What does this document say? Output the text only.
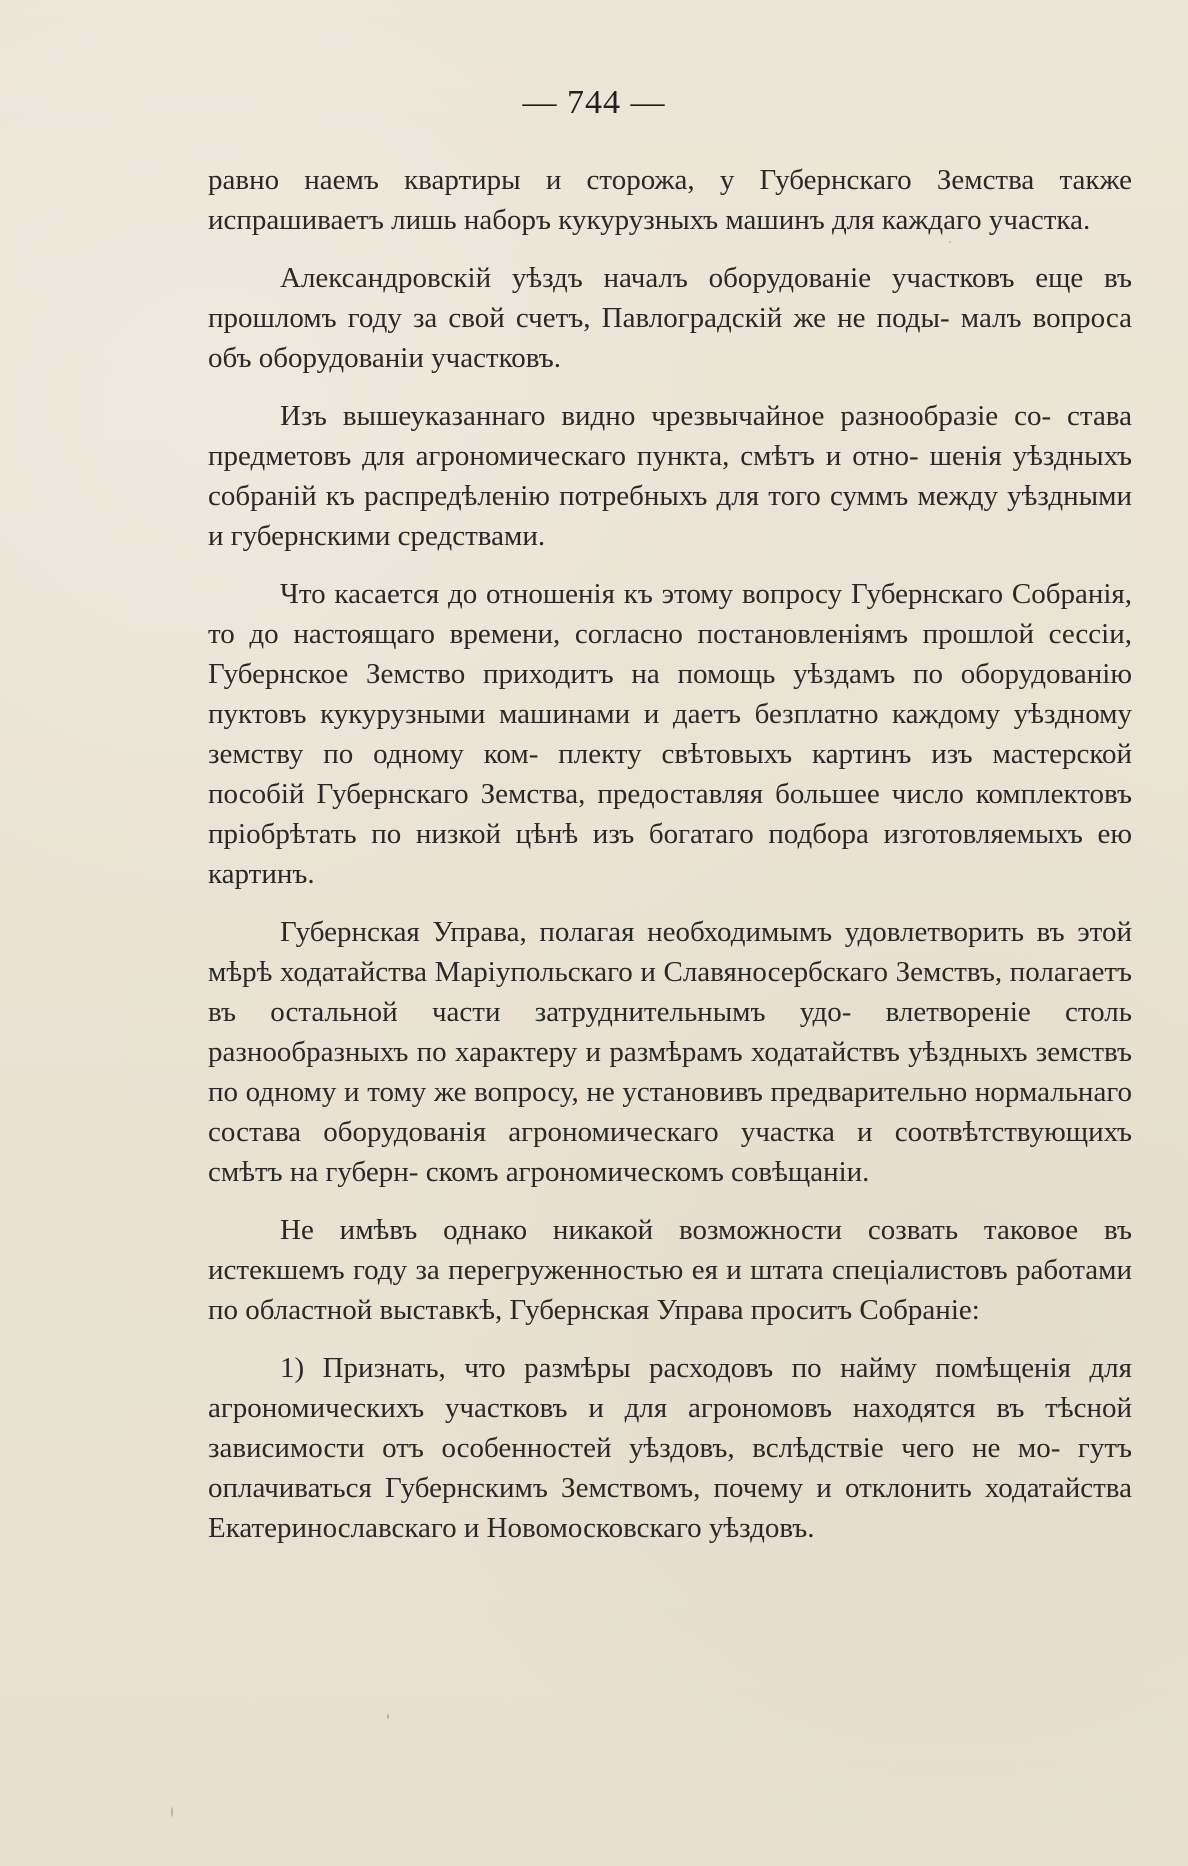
— 744 —

равно наемъ квартиры и сторожа, у Губернскаго Земства также испрашиваетъ лишь наборъ кукурузныхъ машинъ для каждаго участка.

Александровскій уѣздъ началъ оборудованіе участковъ еще въ прошломъ году за свой счетъ, Павлоградскій же не поды- малъ вопроса объ оборудованіи участковъ.

Изъ вышеуказаннаго видно чрезвычайное разнообразіе со- става предметовъ для агрономическаго пункта, смѣтъ и отно- шенія уѣздныхъ собраній къ распредѣленію потребныхъ для того суммъ между уѣздными и губернскими средствами.

Что касается до отношенія къ этому вопросу Губернскаго Собранія, то до настоящаго времени, согласно постановленіямъ прошлой сессіи, Губернское Земство приходитъ на помощь уѣздамъ по оборудованію пуктовъ кукурузными машинами и даетъ безплатно каждому уѣздному земству по одному ком- плекту свѣтовыхъ картинъ изъ мастерской пособій Губернскаго Земства, предоставляя большее число комплектовъ пріобрѣтать по низкой цѣнѣ изъ богатаго подбора изготовляемыхъ ею картинъ.

Губернская Управа, полагая необходимымъ удовлетворить въ этой мѣрѣ ходатайства Маріупольскаго и Славяносербскаго Земствъ, полагаетъ въ остальной части затруднительнымъ удо- влетвореніе столь разнообразныхъ по характеру и размѣрамъ ходатайствъ уѣздныхъ земствъ по одному и тому же вопросу, не установивъ предварительно нормальнаго состава оборудованія агрономическаго участка и соотвѣтствующихъ смѣтъ на губерн- скомъ агрономическомъ совѣщаніи.

Не имѣвъ однако никакой возможности созвать таковое въ истекшемъ году за перегруженностью ея и штата спеціалистовъ работами по областной выставкѣ, Губернская Управа проситъ Собраніе:

1) Признать, что размѣры расходовъ по найму помѣщенія для агрономическихъ участковъ и для агрономовъ находятся въ тѣсной зависимости отъ особенностей уѣздовъ, вслѣдствіе чего не мо- гутъ оплачиваться Губернскимъ Земствомъ, почему и отклонить ходатайства Екатеринославскаго и Новомосковскаго уѣздовъ.
